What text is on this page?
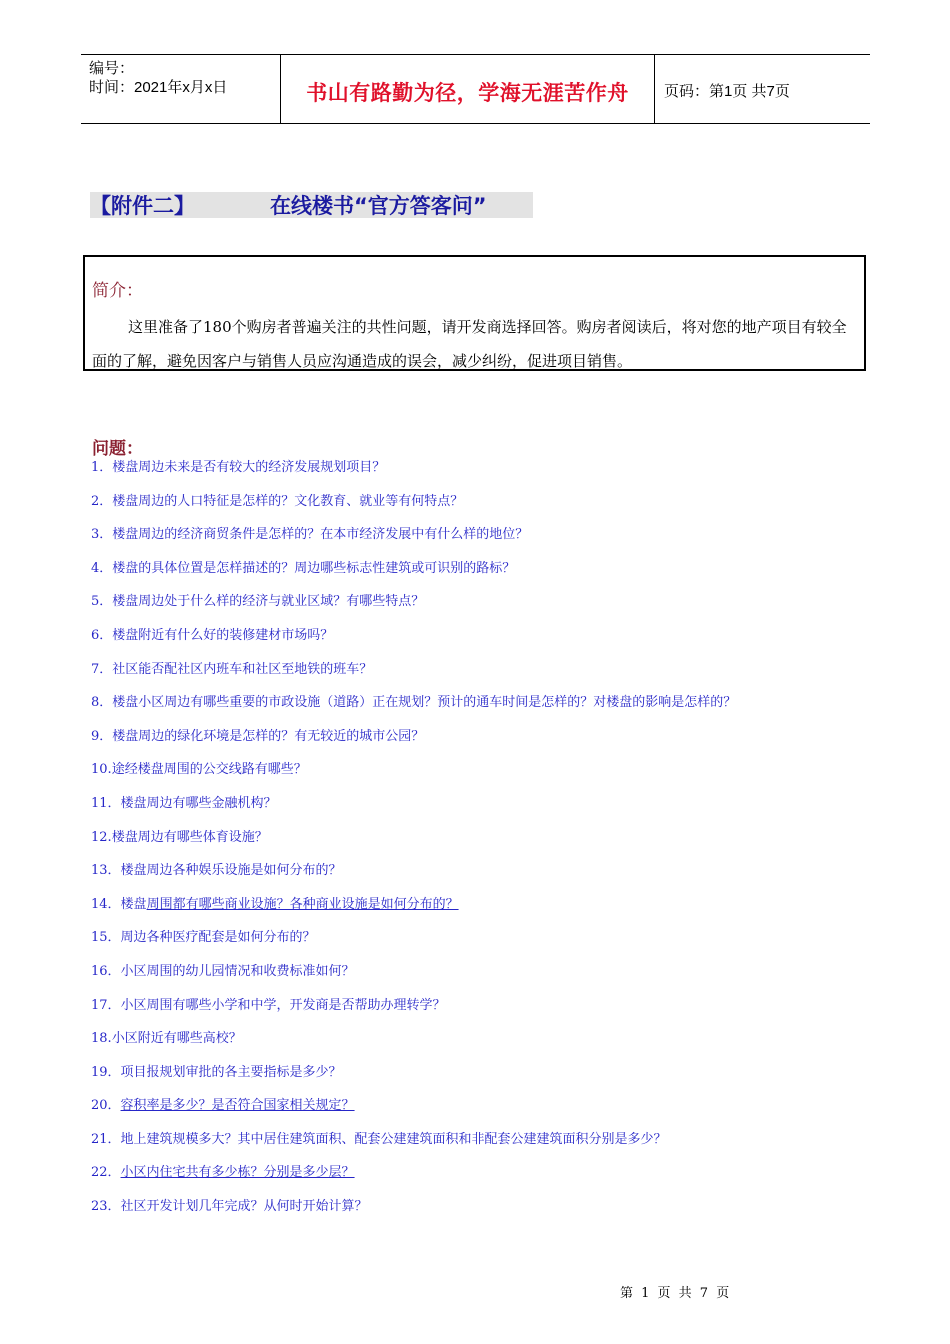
编号：
时间：2021年x月x日	书山有路勤为径，学海无涯苦作舟	页码：第1页 共7页
【附件二】	在线楼书“官方答客问”
简介：
这里准备了180个购房者普遍关注的共性问题，请开发商选择回答。购房者阅读后，将对您的地产项目有较全面的了解，避免因客户与销售人员应沟通造成的误会，减少纠纷，促进项目销售。
问题：
1．楼盘周边未来是否有较大的经济发展规划项目？
2．楼盘周边的人口特征是怎样的？文化教育、就业等有何特点？
3．楼盘周边的经济商贸条件是怎样的？在本市经济发展中有什么样的地位？
4．楼盘的具体位置是怎样描述的？周边哪些标志性建筑或可识别的路标？
5．楼盘周边处于什么样的经济与就业区域？有哪些特点？
6．楼盘附近有什么好的装修建材市场吗？
7．社区能否配社区内班车和社区至地铁的班车？
8．楼盘小区周边有哪些重要的市政设施（道路）正在规划？预计的通车时间是怎样的？对楼盘的影响是怎样的？
9．楼盘周边的绿化环境是怎样的？有无较近的城市公园？
10.途经楼盘周围的公交线路有哪些？
11．楼盘周边有哪些金融机构？
12.楼盘周边有哪些体育设施？
13．楼盘周边各种娱乐设施是如何分布的？
14．楼盘周围都有哪些商业设施？各种商业设施是如何分布的？
15．周边各种医疗配套是如何分布的？
16．小区周围的幼儿园情况和收费标准如何？
17．小区周围有哪些小学和中学，开发商是否帮助办理转学？
18.小区附近有哪些高校？
19．项目报规划审批的各主要指标是多少？
20．容积率是多少？是否符合国家相关规定？
21．地上建筑规模多大？其中居住建筑面积、配套公建建筑面积和非配套公建建筑面积分别是多少？
22．小区内住宅共有多少栋？分别是多少层？
23．社区开发计划几年完成？从何时开始计算？
第 1 页 共 7 页
